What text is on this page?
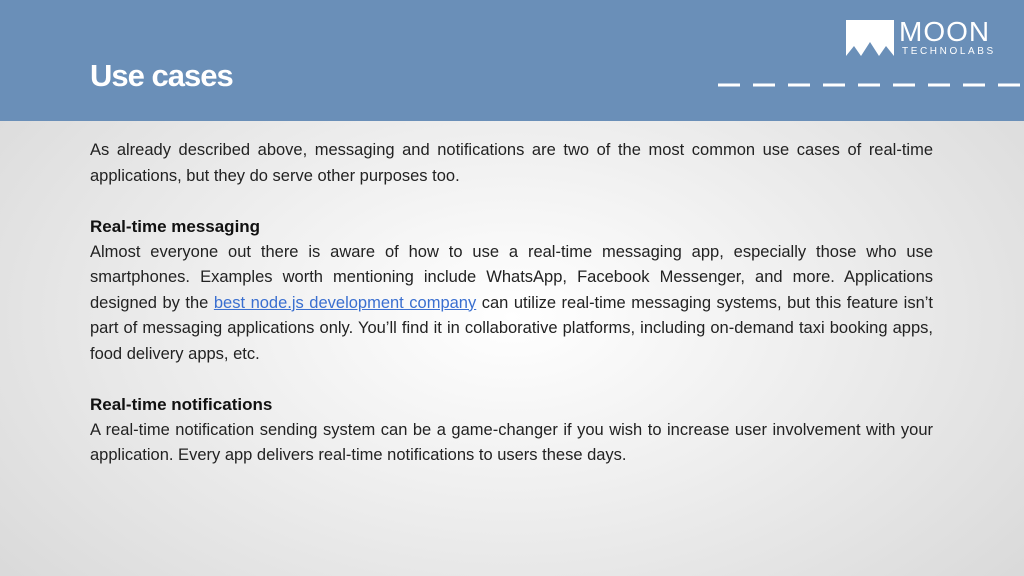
Use cases
MOON
TECHNOLABS

As already described above, messaging and notifications are two of the most common use cases of real-time applications, but they do serve other purposes too.

Real-time messaging

Almost everyone out there is aware of how to use a real-time messaging app, especially those who use smartphones. Examples worth mentioning include WhatsApp, Facebook Messenger, and more. Applications designed by the best node.js development company can utilize real-time messaging systems, but this feature isn’t part of messaging applications only. You’ll find it in collaborative platforms, including on-demand taxi booking apps, food delivery apps, etc.

Real-time notifications

A real-time notification sending system can be a game-changer if you wish to increase user involvement with your application. Every app delivers real-time notifications to users these days.
